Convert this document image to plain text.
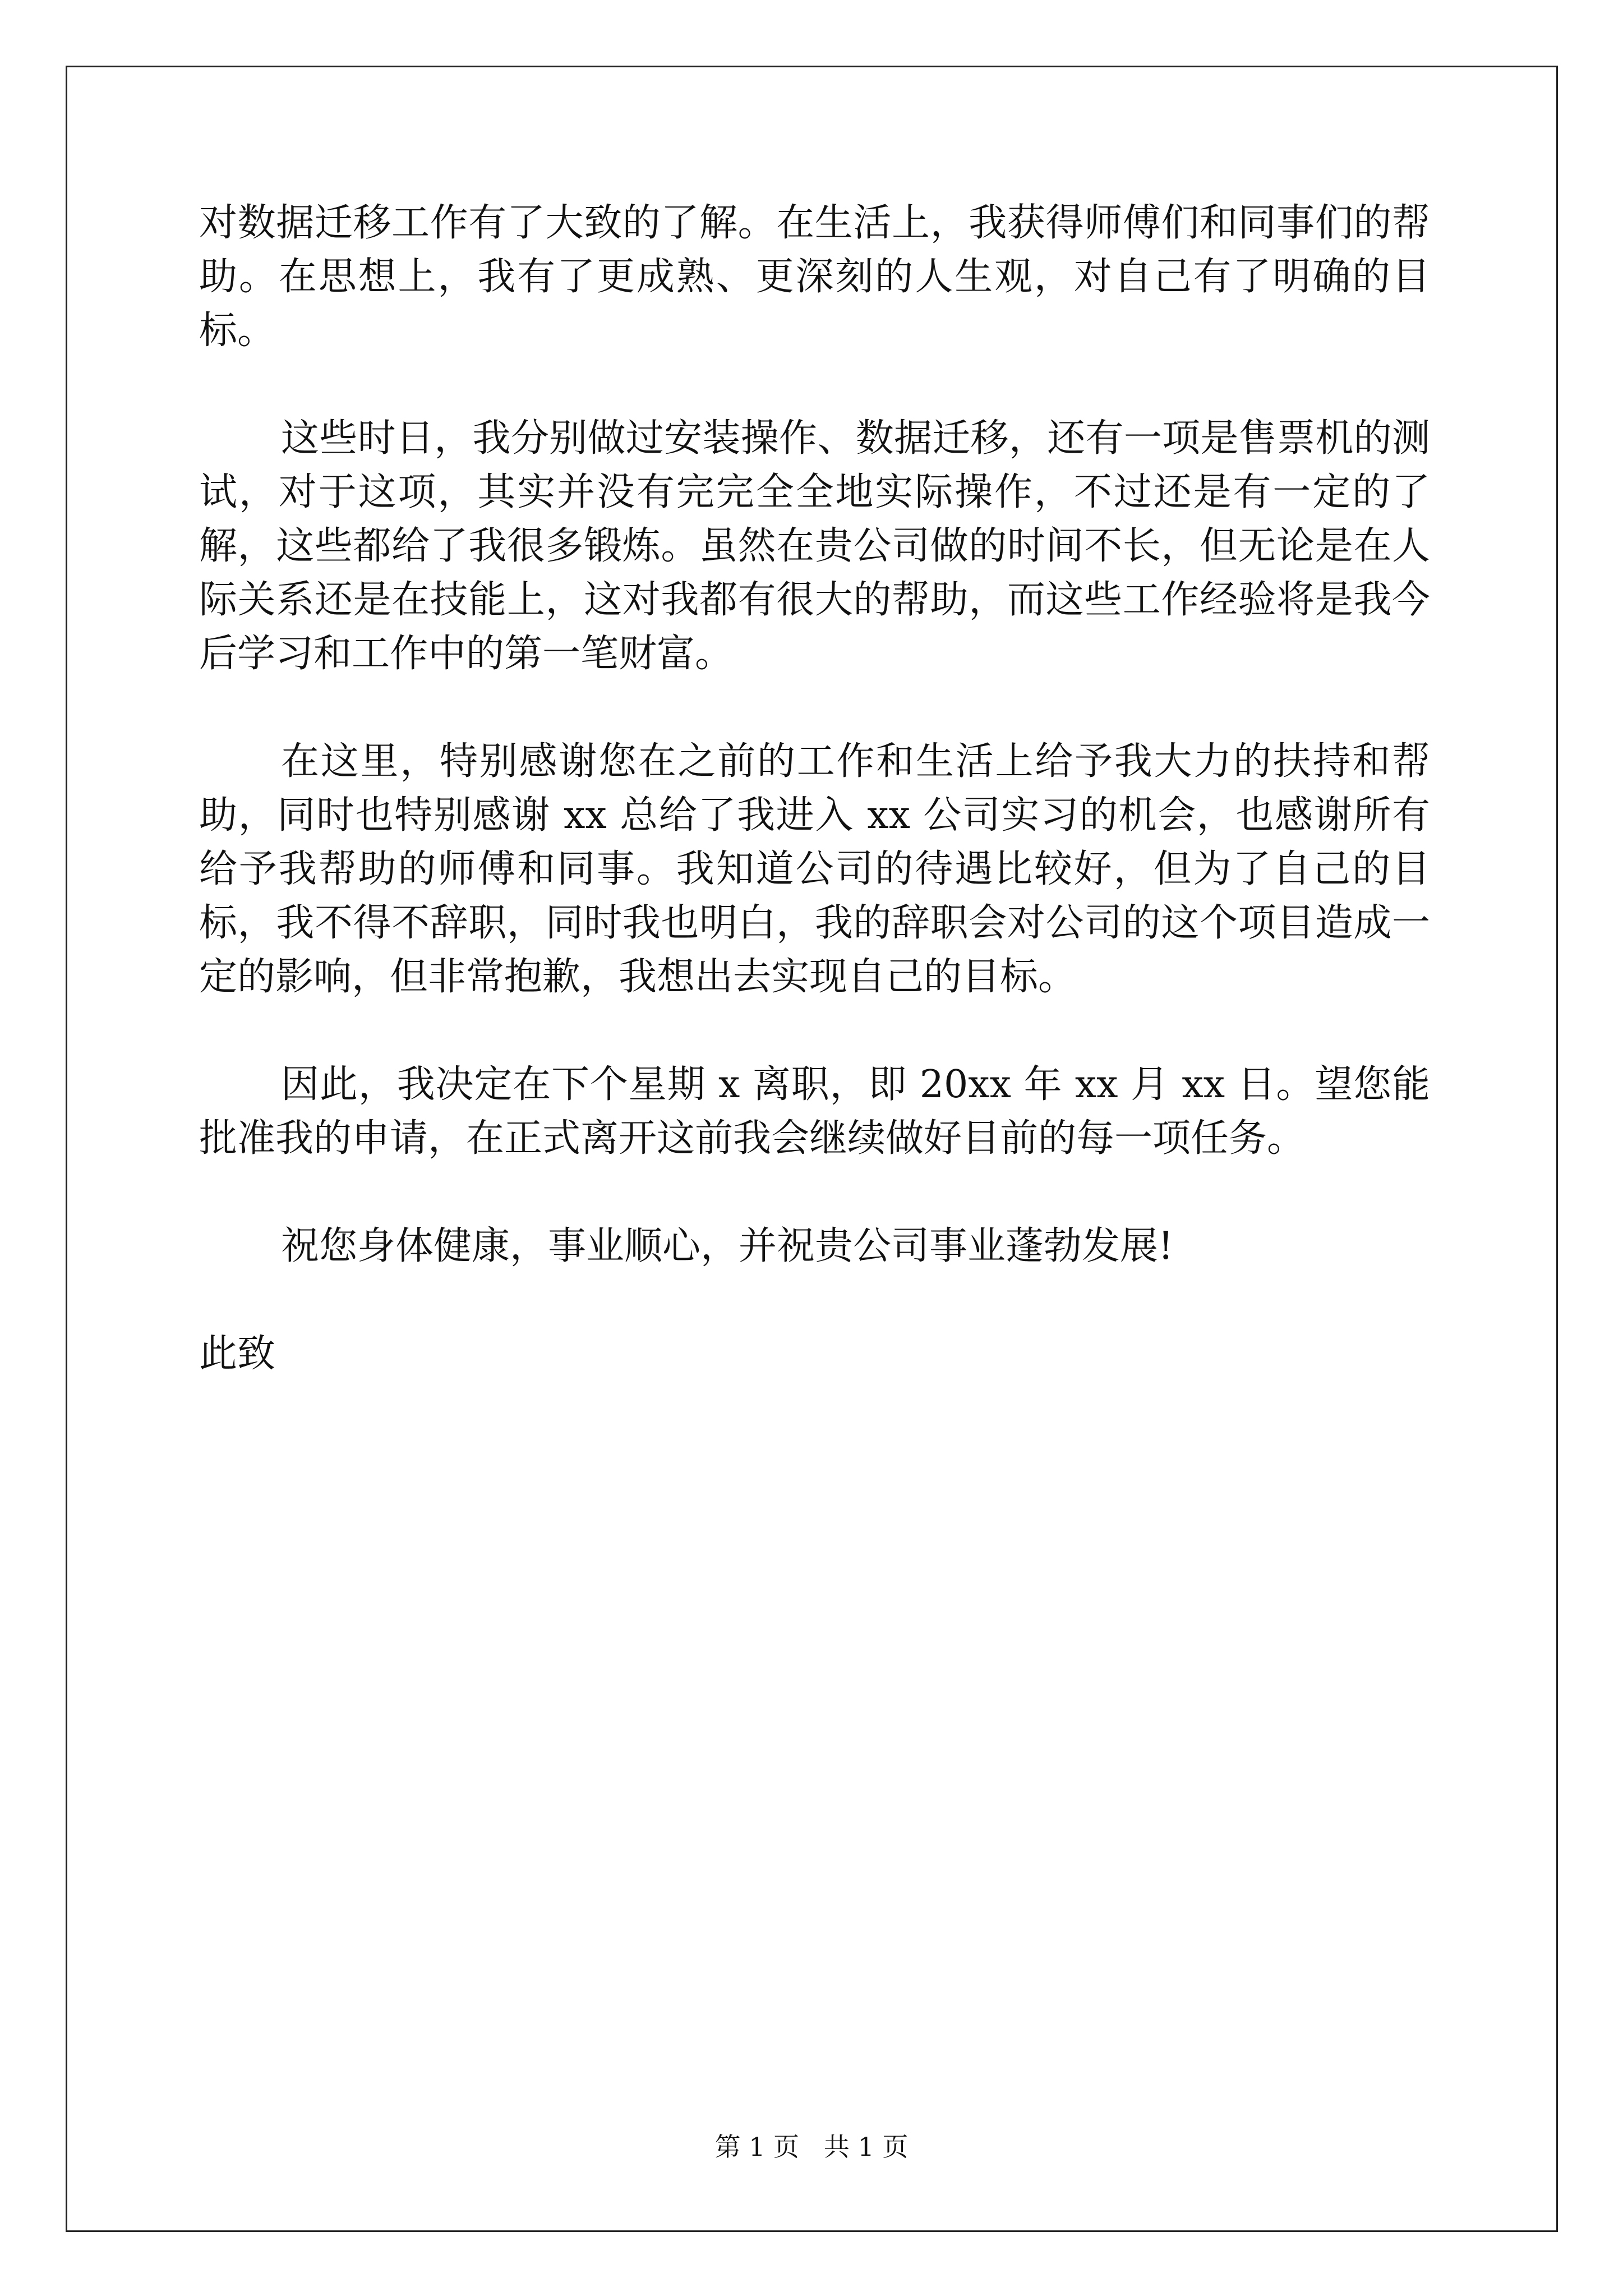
对数据迁移工作有了大致的了解。在生活上，我获得师傅们和同事们的帮助。在思想上，我有了更成熟、更深刻的人生观，对自己有了明确的目标。

这些时日，我分别做过安装操作、数据迁移，还有一项是售票机的测试，对于这项，其实并没有完完全全地实际操作，不过还是有一定的了解，这些都给了我很多锻炼。虽然在贵公司做的时间不长，但无论是在人际关系还是在技能上，这对我都有很大的帮助，而这些工作经验将是我今后学习和工作中的第一笔财富。

在这里，特别感谢您在之前的工作和生活上给予我大力的扶持和帮助，同时也特别感谢 xx 总给了我进入 xx 公司实习的机会，也感谢所有给予我帮助的师傅和同事。我知道公司的待遇比较好，但为了自己的目标，我不得不辞职，同时我也明白，我的辞职会对公司的这个项目造成一定的影响，但非常抱歉，我想出去实现自己的目标。

因此，我决定在下个星期 x 离职，即 20xx 年 xx 月 xx 日。望您能批准我的申请，在正式离开这前我会继续做好目前的每一项任务。

祝您身体健康，事业顺心，并祝贵公司事业蓬勃发展!

此致

第 1 页   共 1 页
